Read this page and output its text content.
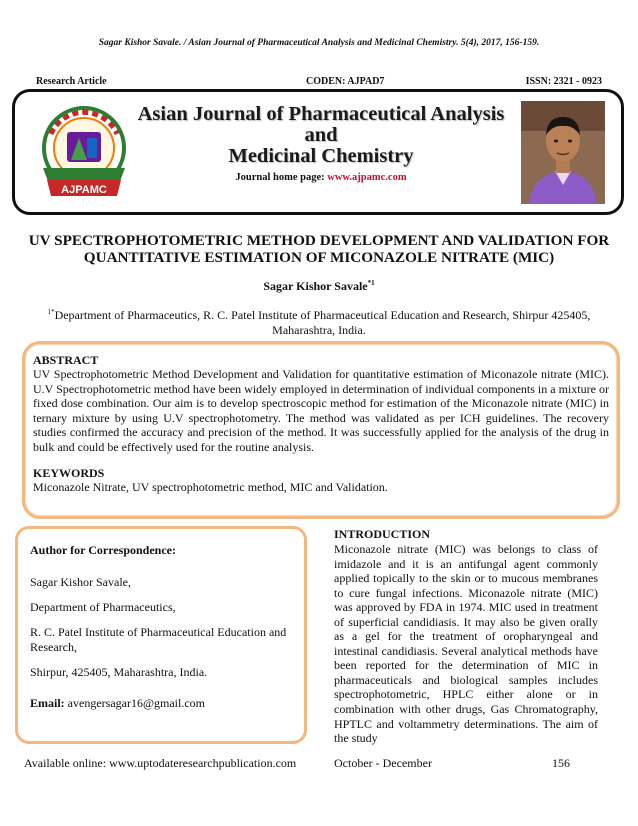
Sagar Kishor Savale. / Asian Journal of Pharmaceutical Analysis and Medicinal Chemistry. 5(4), 2017, 156-159.
Research Article	CODEN: AJPAD7	ISSN: 2321 - 0923
AJPAMC
Asian Journal of Pharmaceutical Analysis
and
Medicinal Chemistry
Journal home page: www.ajpamc.com
UV SPECTROPHOTOMETRIC METHOD DEVELOPMENT AND VALIDATION FOR QUANTITATIVE ESTIMATION OF MICONAZOLE NITRATE (MIC)
Sagar Kishor Savale$^{*1}$
$^{1*}$Department of Pharmaceutics, R. C. Patel Institute of Pharmaceutical Education and Research, Shirpur 425405, Maharashtra, India.
ABSTRACT
UV Spectrophotometric Method Development and Validation for quantitative estimation of Miconazole nitrate (MIC). U.V Spectrophotometric method have been widely employed in determination of individual components in a mixture or fixed dose combination. Our aim is to develop spectroscopic method for estimation of the Miconazole nitrate (MIC) in ternary mixture by using U.V spectrophotometry. The method was validated as per ICH guidelines. The recovery studies confirmed the accuracy and precision of the method. It was successfully applied for the analysis of the drug in bulk and could be effectively used for the routine analysis.
KEYWORDS
Miconazole Nitrate, UV spectrophotometric method, MIC and Validation.
Author for Correspondence:
Sagar Kishor Savale,
Department of Pharmaceutics,
R. C. Patel Institute of Pharmaceutical Education and Research,
Shirpur, 425405, Maharashtra, India.
Email: avengersagar16@gmail.com
INTRODUCTION
Miconazole nitrate (MIC) was belongs to class of imidazole and it is an antifungal agent commonly applied topically to the skin or to mucous membranes to cure fungal infections. Miconazole nitrate (MIC) was approved by FDA in 1974. MIC used in treatment of superficial candidiasis. It may also be given orally as a gel for the treatment of oropharyngeal and intestinal candidiasis. Several analytical methods have been reported for the determination of MIC in pharmaceuticals and biological samples includes spectrophotometric, HPLC either alone or in combination with other drugs, Gas Chromatography, HPTLC and voltammetry determinations. The aim of the study
Available online: www.uptodateresearchpublication.com	October - December	156
